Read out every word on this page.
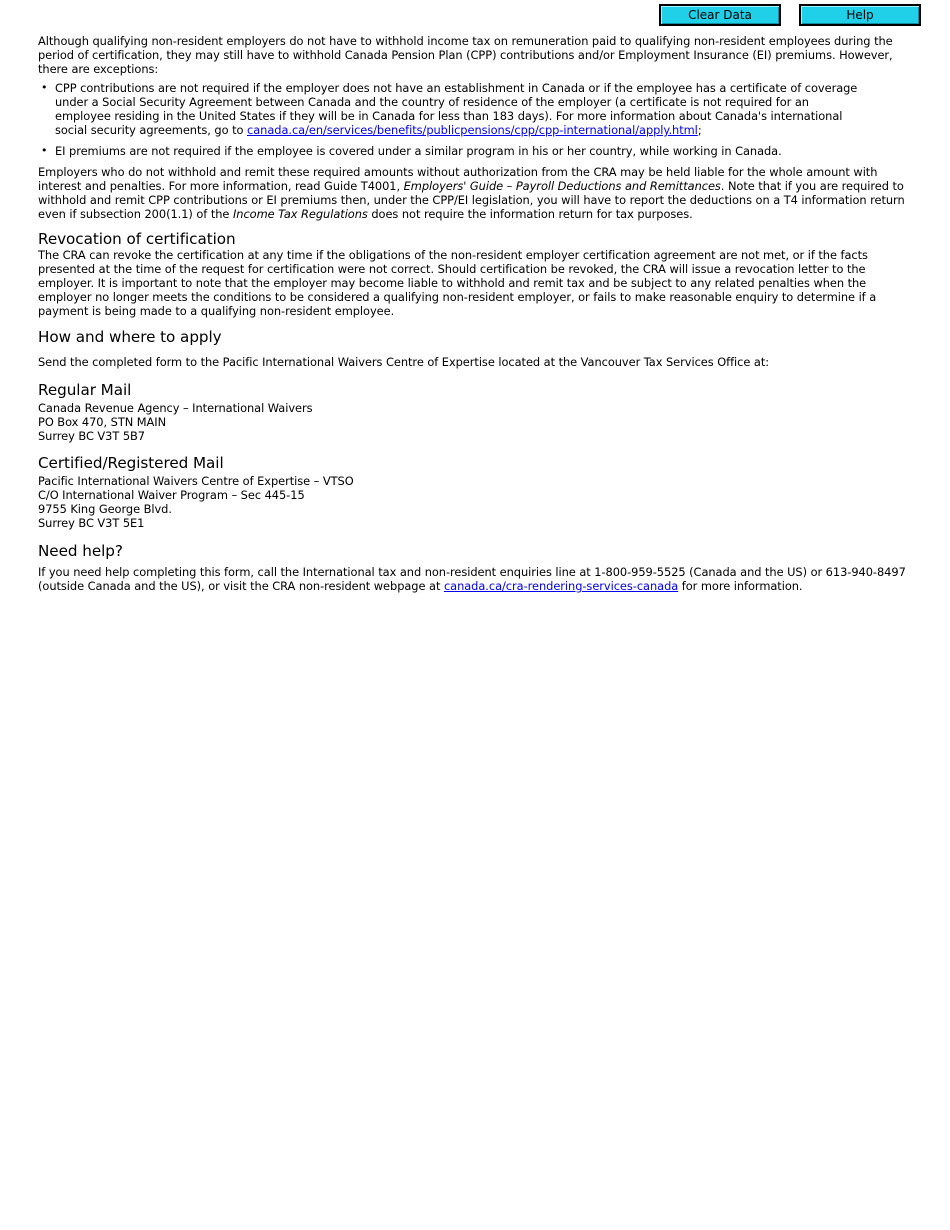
Clear Data	Help

Although qualifying non-resident employers do not have to withhold income tax on remuneration paid to qualifying non-resident employees during the period of certification, they may still have to withhold Canada Pension Plan (CPP) contributions and/or Employment Insurance (EI) premiums. However, there are exceptions:

• CPP contributions are not required if the employer does not have an establishment in Canada or if the employee has a certificate of coverage under a Social Security Agreement between Canada and the country of residence of the employer (a certificate is not required for an employee residing in the United States if they will be in Canada for less than 183 days). For more information about Canada's international social security agreements, go to canada.ca/en/services/benefits/publicpensions/cpp/cpp-international/apply.html;
• EI premiums are not required if the employee is covered under a similar program in his or her country, while working in Canada.

Employers who do not withhold and remit these required amounts without authorization from the CRA may be held liable for the whole amount with interest and penalties. For more information, read Guide T4001, Employers' Guide – Payroll Deductions and Remittances. Note that if you are required to withhold and remit CPP contributions or EI premiums then, under the CPP/EI legislation, you will have to report the deductions on a T4 information return even if subsection 200(1.1) of the Income Tax Regulations does not require the information return for tax purposes.

Revocation of certification

The CRA can revoke the certification at any time if the obligations of the non-resident employer certification agreement are not met, or if the facts presented at the time of the request for certification were not correct. Should certification be revoked, the CRA will issue a revocation letter to the employer. It is important to note that the employer may become liable to withhold and remit tax and be subject to any related penalties when the employer no longer meets the conditions to be considered a qualifying non-resident employer, or fails to make reasonable enquiry to determine if a payment is being made to a qualifying non-resident employee.

How and where to apply

Send the completed form to the Pacific International Waivers Centre of Expertise located at the Vancouver Tax Services Office at:

Regular Mail
Canada Revenue Agency – International Waivers
PO Box 470, STN MAIN
Surrey BC V3T 5B7
Certified/Registered Mail
Pacific International Waivers Centre of Expertise – VTSO
C/O International Waiver Program – Sec 445-15
9755 King George Blvd.
Surrey BC V3T 5E1
Need help?

If you need help completing this form, call the International tax and non-resident enquiries line at 1-800-959-5525 (Canada and the US) or 613-940-8497 (outside Canada and the US), or visit the CRA non-resident webpage at canada.ca/cra-rendering-services-canada for more information.
